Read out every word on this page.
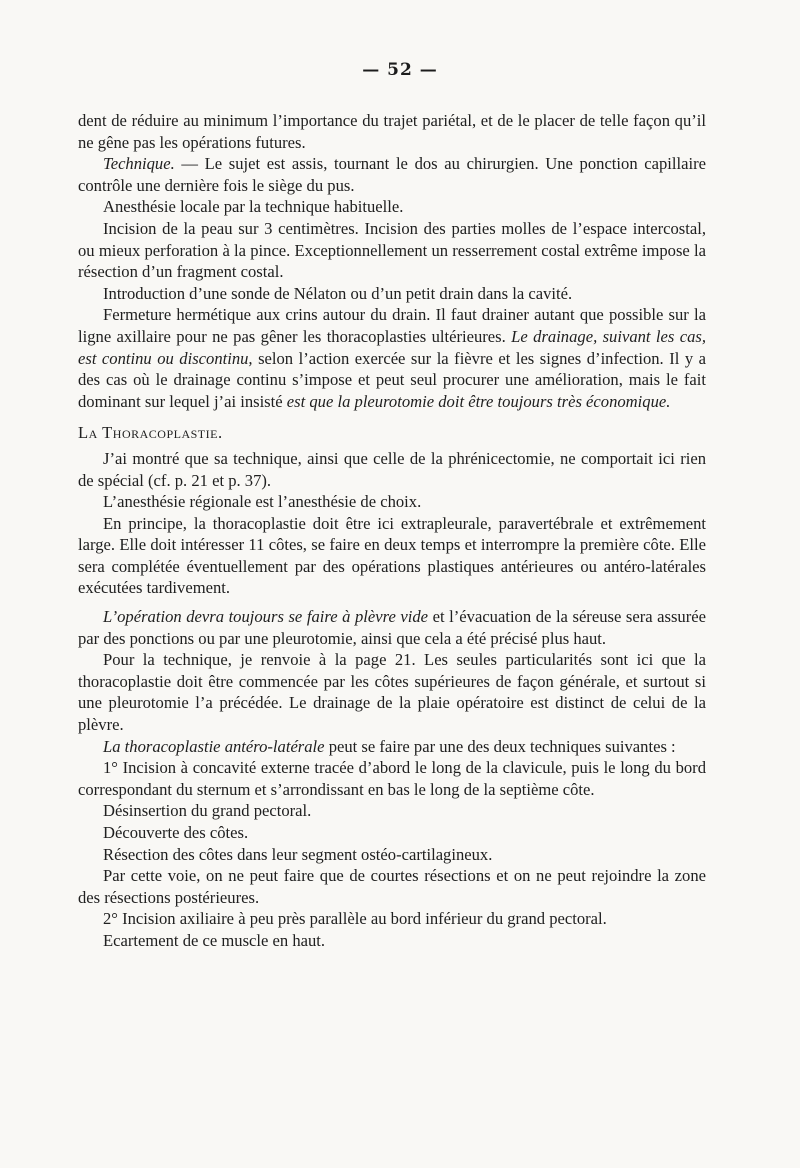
— 52 —

dent de réduire au minimum l’importance du trajet pariétal, et de le placer de telle façon qu’il ne gêne pas les opérations futures.

Technique. — Le sujet est assis, tournant le dos au chirurgien. Une ponction capillaire contrôle une dernière fois le siège du pus.

Anesthésie locale par la technique habituelle.

Incision de la peau sur 3 centimètres. Incision des parties molles de l’espace intercostal, ou mieux perforation à la pince. Exceptionnellement un resserrement costal extrême impose la résection d’un fragment costal.

Introduction d’une sonde de Nélaton ou d’un petit drain dans la cavité.

Fermeture hermétique aux crins autour du drain. Il faut drainer autant que possible sur la ligne axillaire pour ne pas gêner les thoracoplasties ultérieures. Le drainage, suivant les cas, est continu ou discontinu, selon l’action exercée sur la fièvre et les signes d’infection. Il y a des cas où le drainage continu s’impose et peut seul procurer une amélioration, mais le fait dominant sur lequel j’ai insisté est que la pleurotomie doit être toujours très économique.

La Thoracoplastie.

J’ai montré que sa technique, ainsi que celle de la phrénicectomie, ne comportait ici rien de spécial (cf. p. 21 et p. 37).

L’anesthésie régionale est l’anesthésie de choix.

En principe, la thoracoplastie doit être ici extrapleurale, paravertébrale et extrêmement large. Elle doit intéresser 11 côtes, se faire en deux temps et interrompre la première côte. Elle sera complétée éventuellement par des opérations plastiques antérieures ou antéro-latérales exécutées tardivement.

L’opération devra toujours se faire à plèvre vide et l’évacuation de la séreuse sera assurée par des ponctions ou par une pleurotomie, ainsi que cela a été précisé plus haut.

Pour la technique, je renvoie à la page 21. Les seules particularités sont ici que la thoracoplastie doit être commencée par les côtes supérieures de façon générale, et surtout si une pleurotomie l’a précédée. Le drainage de la plaie opératoire est distinct de celui de la plèvre.

La thoracoplastie antéro-latérale peut se faire par une des deux techniques suivantes :

1° Incision à concavité externe tracée d’abord le long de la clavicule, puis le long du bord correspondant du sternum et s’arrondissant en bas le long de la septième côte.

Désinsertion du grand pectoral.

Découverte des côtes.

Résection des côtes dans leur segment ostéo-cartilagineux.

Par cette voie, on ne peut faire que de courtes résections et on ne peut rejoindre la zone des résections postérieures.

2° Incision axiliaire à peu près parallèle au bord inférieur du grand pectoral.

Ecartement de ce muscle en haut.
